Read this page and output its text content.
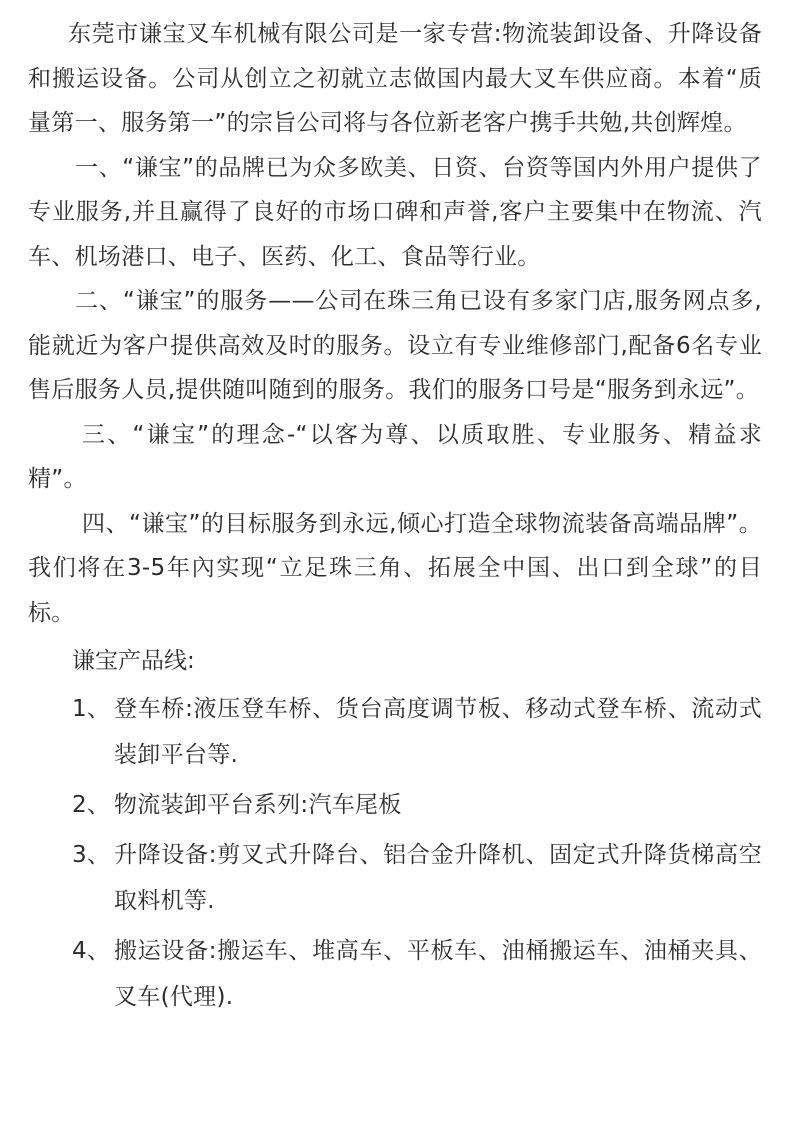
东莞市谦宝叉车机械有限公司是一家专营:物流装卸设备、升降设备和搬运设备。公司从创立之初就立志做国内最大叉车供应商。本着“质量第一、服务第一”的宗旨公司将与各位新老客户携手共勉,共创辉煌。

一、“谦宝”的品牌已为众多欧美、日资、台资等国内外用户提供了专业服务,并且赢得了良好的市场口碑和声誉,客户主要集中在物流、汽车、机场港口、电子、医药、化工、食品等行业。

二、“谦宝”的服务——公司在珠三角已设有多家门店,服务网点多,能就近为客户提供高效及时的服务。设立有专业维修部门,配备6名专业售后服务人员,提供随叫随到的服务。我们的服务口号是“服务到永远”。

三、“谦宝”的理念-“以客为尊、以质取胜、专业服务、精益求精”。

四、“谦宝”的目标服务到永远,倾心打造全球物流装备高端品牌”。我们将在3-5年內实现“立足珠三角、拓展全中国、出口到全球”的目标。

谦宝产品线:
1、 登车桥:液压登车桥、货台高度调节板、移动式登车桥、流动式装卸平台等.
2、 物流装卸平台系列:汽车尾板
3、 升降设备:剪叉式升降台、铝合金升降机、固定式升降货梯高空取料机等.
4、 搬运设备:搬运车、堆高车、平板车、油桶搬运车、油桶夹具、叉车(代理).
